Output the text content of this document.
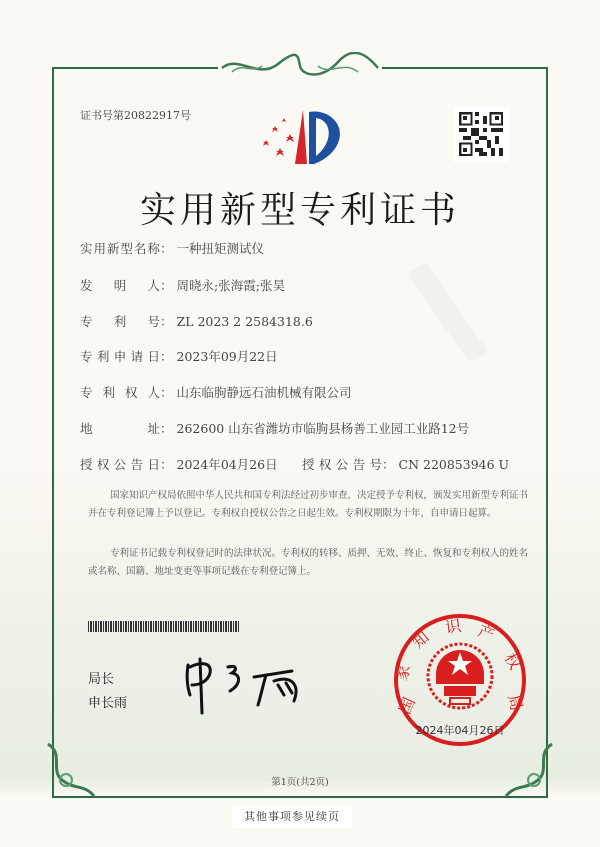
证书号第20822917号
实用新型专利证书
实用新型名称： 一种扭矩测试仪
发明人： 周晓永;张海霞;张昊
专利号： ZL 2023 2 2584318.6
专利申请日： 2023年09月22日
专利权人： 山东临朐静远石油机械有限公司
地址： 262600 山东省潍坊市临朐县杨善工业园工业路12号
授权公告日： 2024年04月26日 授权公告号： CN 220853946 U
国家知识产权局依照中华人民共和国专利法经过初步审查，决定授予专利权，颁发实用新型专利证书并在专利登记簿上予以登记。专利权自授权公告之日起生效。专利权期限为十年，自申请日起算。
专利证书记载专利权登记时的法律状况。专利权的转移、质押、无效、终止、恢复和专利权人的姓名或名称、国籍、地址变更等事项记载在专利登记簿上。
局长
申长雨	国
家
知
识 产
权
局
2024年04月26日
第1页(共2页)
其他事项参见续页
